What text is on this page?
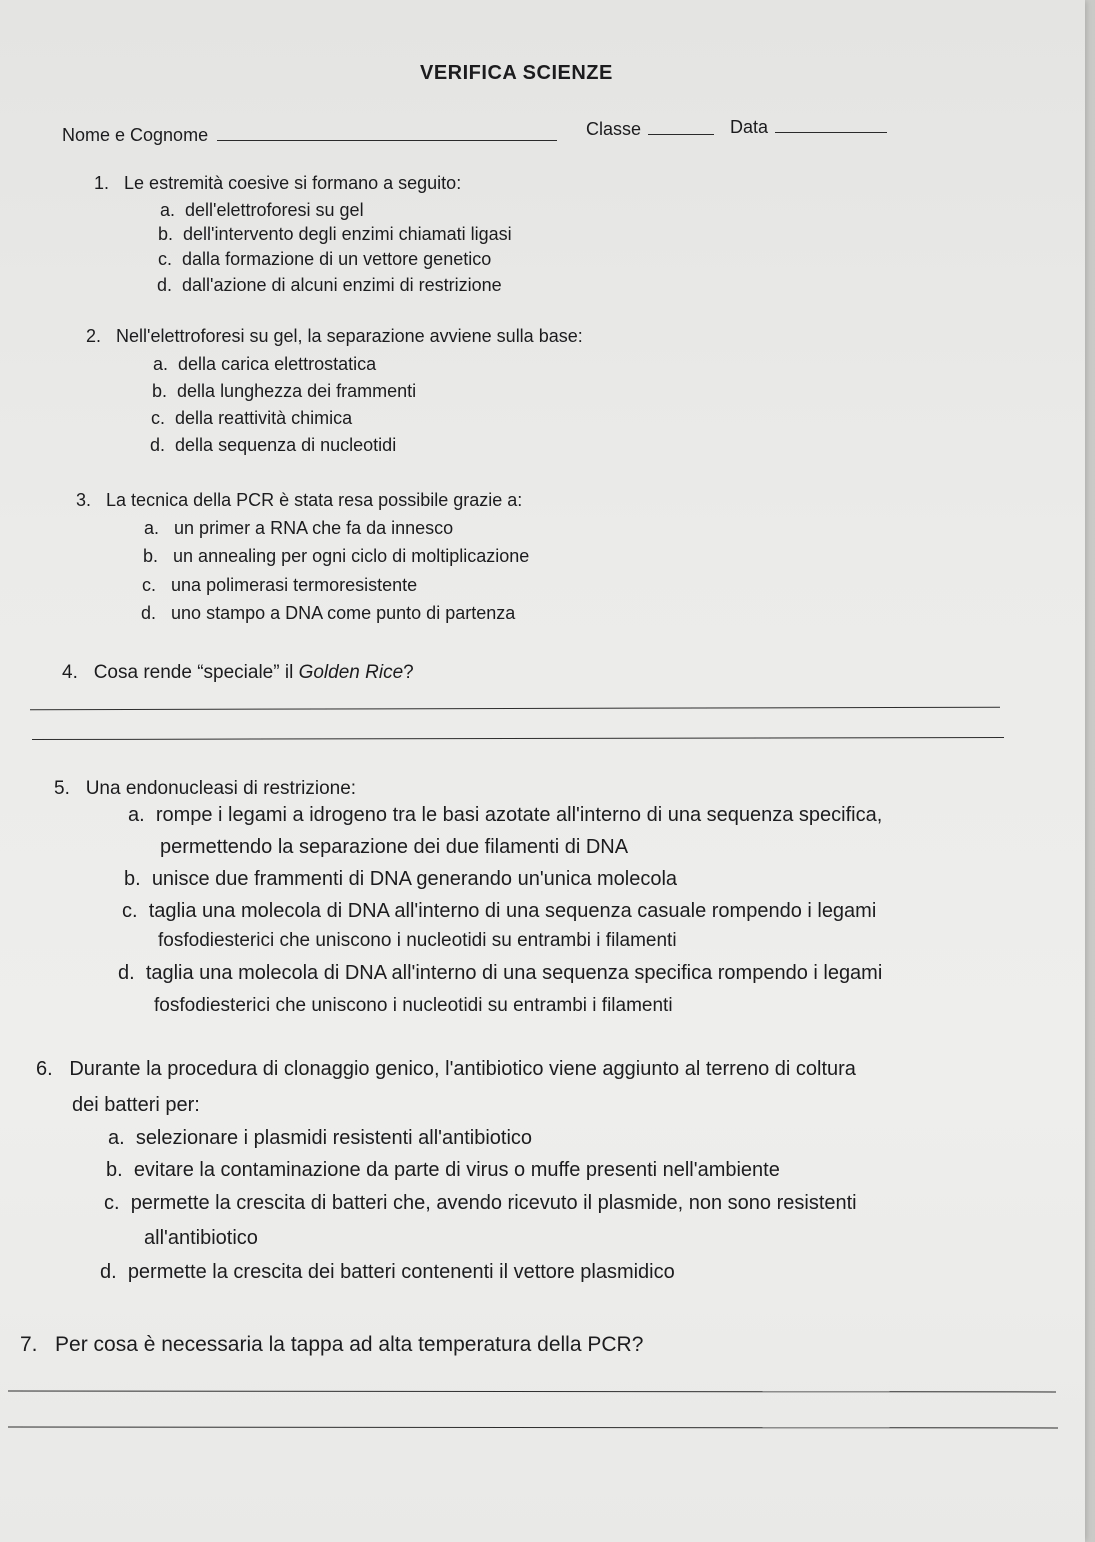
VERIFICA SCIENZE
Nome e Cognome	Classe	Data
1. Le estremità coesive si formano a seguito:
a. dell'elettroforesi su gel
b. dell'intervento degli enzimi chiamati ligasi
c. dalla formazione di un vettore genetico
d. dall'azione di alcuni enzimi di restrizione
2. Nell'elettroforesi su gel, la separazione avviene sulla base:
a. della carica elettrostatica
b. della lunghezza dei frammenti
c. della reattività chimica
d. della sequenza di nucleotidi
3. La tecnica della PCR è stata resa possibile grazie a:
a. un primer a RNA che fa da innesco
b. un annealing per ogni ciclo di moltiplicazione
c. una polimerasi termoresistente
d. uno stampo a DNA come punto di partenza
4. Cosa rende “speciale” il Golden Rice?
5. Una endonucleasi di restrizione:
a. rompe i legami a idrogeno tra le basi azotate all'interno di una sequenza specifica,
permettendo la separazione dei due filamenti di DNA
b. unisce due frammenti di DNA generando un'unica molecola
c. taglia una molecola di DNA all'interno di una sequenza casuale rompendo i legami
fosfodiesterici che uniscono i nucleotidi su entrambi i filamenti
d. taglia una molecola di DNA all'interno di una sequenza specifica rompendo i legami
fosfodiesterici che uniscono i nucleotidi su entrambi i filamenti
6. Durante la procedura di clonaggio genico, l'antibiotico viene aggiunto al terreno di coltura
dei batteri per:
a. selezionare i plasmidi resistenti all'antibiotico
b. evitare la contaminazione da parte di virus o muffe presenti nell'ambiente
c. permette la crescita di batteri che, avendo ricevuto il plasmide, non sono resistenti
all'antibiotico
d. permette la crescita dei batteri contenenti il vettore plasmidico
7. Per cosa è necessaria la tappa ad alta temperatura della PCR?
